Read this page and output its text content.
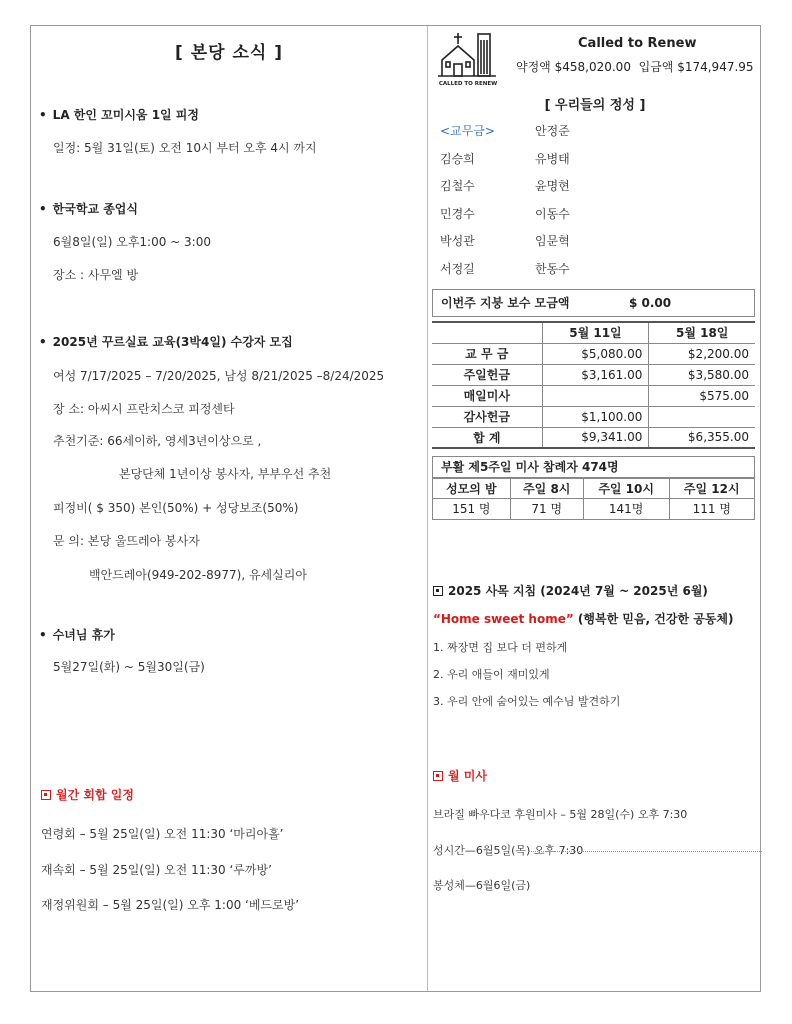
[ 본당 소식 ]
• LA 한인 꼬미시움 1일 피정
일정: 5월 31일(토) 오전 10시 부터 오후 4시 까지
• 한국학교 종업식
6월8일(일) 오후1:00 ~ 3:00
장소 : 사무엘 방
• 2025년 꾸르실료 교육(3박4일) 수강자 모집
여성 7/17/2025 – 7/20/2025, 남성 8/21/2025 –8/24/2025
장 소: 아씨시 프란치스코 피정센타
추천기준: 66세이하, 영세3년이상으로 ,
본당단체 1년이상 봉사자, 부부우선 추천
피정비( $ 350) 본인(50%) + 성당보조(50%)
문 의: 본당 울뜨레아 봉사자
백안드레아(949-202-8977), 유세실리아
• 수녀님 휴가
5월27일(화) ~ 5월30일(금)
월간 회합 일정
연령회 – 5월 25일(일) 오전 11:30 ‘마리아홀’
재속회 – 5월 25일(일) 오전 11:30 ‘루까방’
재정위원회 – 5월 25일(일) 오후 1:00 ‘베드로방’
CALLED TO RENEW
Called to Renew
약정액 $458,020.00 입금액 $174,947.95
[ 우리들의 정성 ]
<교무금>	안정준
김승희	유병태
김철수	윤명현
민경수	이동수
박성관	임문혁
서정길	한동수
이번주 지붕 보수 모금액	$ 0.00
	5월 11일	5월 18일
교 무 금	$5,080.00	$2,200.00
주일헌금	$3,161.00	$3,580.00
매일미사		$575.00
감사헌금	$1,100.00	
합 계	$9,341.00	$6,355.00
부활 제5주일 미사 참례자 474명
성모의 밤	주일 8시	주일 10시	주일 12시
151 명	71 명	141명	111 명
2025 사목 지침 (2024년 7월 ~ 2025년 6월)
“Home sweet home” (행복한 믿음, 건강한 공동체)
1. 짜장면 집 보다 더 편하게
2. 우리 애들이 재미있게
3. 우리 안에 숨어있는 예수님 발견하기
월 미사
브라질 빠우다코 후원미사 – 5월 28일(수) 오후 7:30
성시간—6월5일(목) 오후 7:30
봉성체—6월6일(금)
